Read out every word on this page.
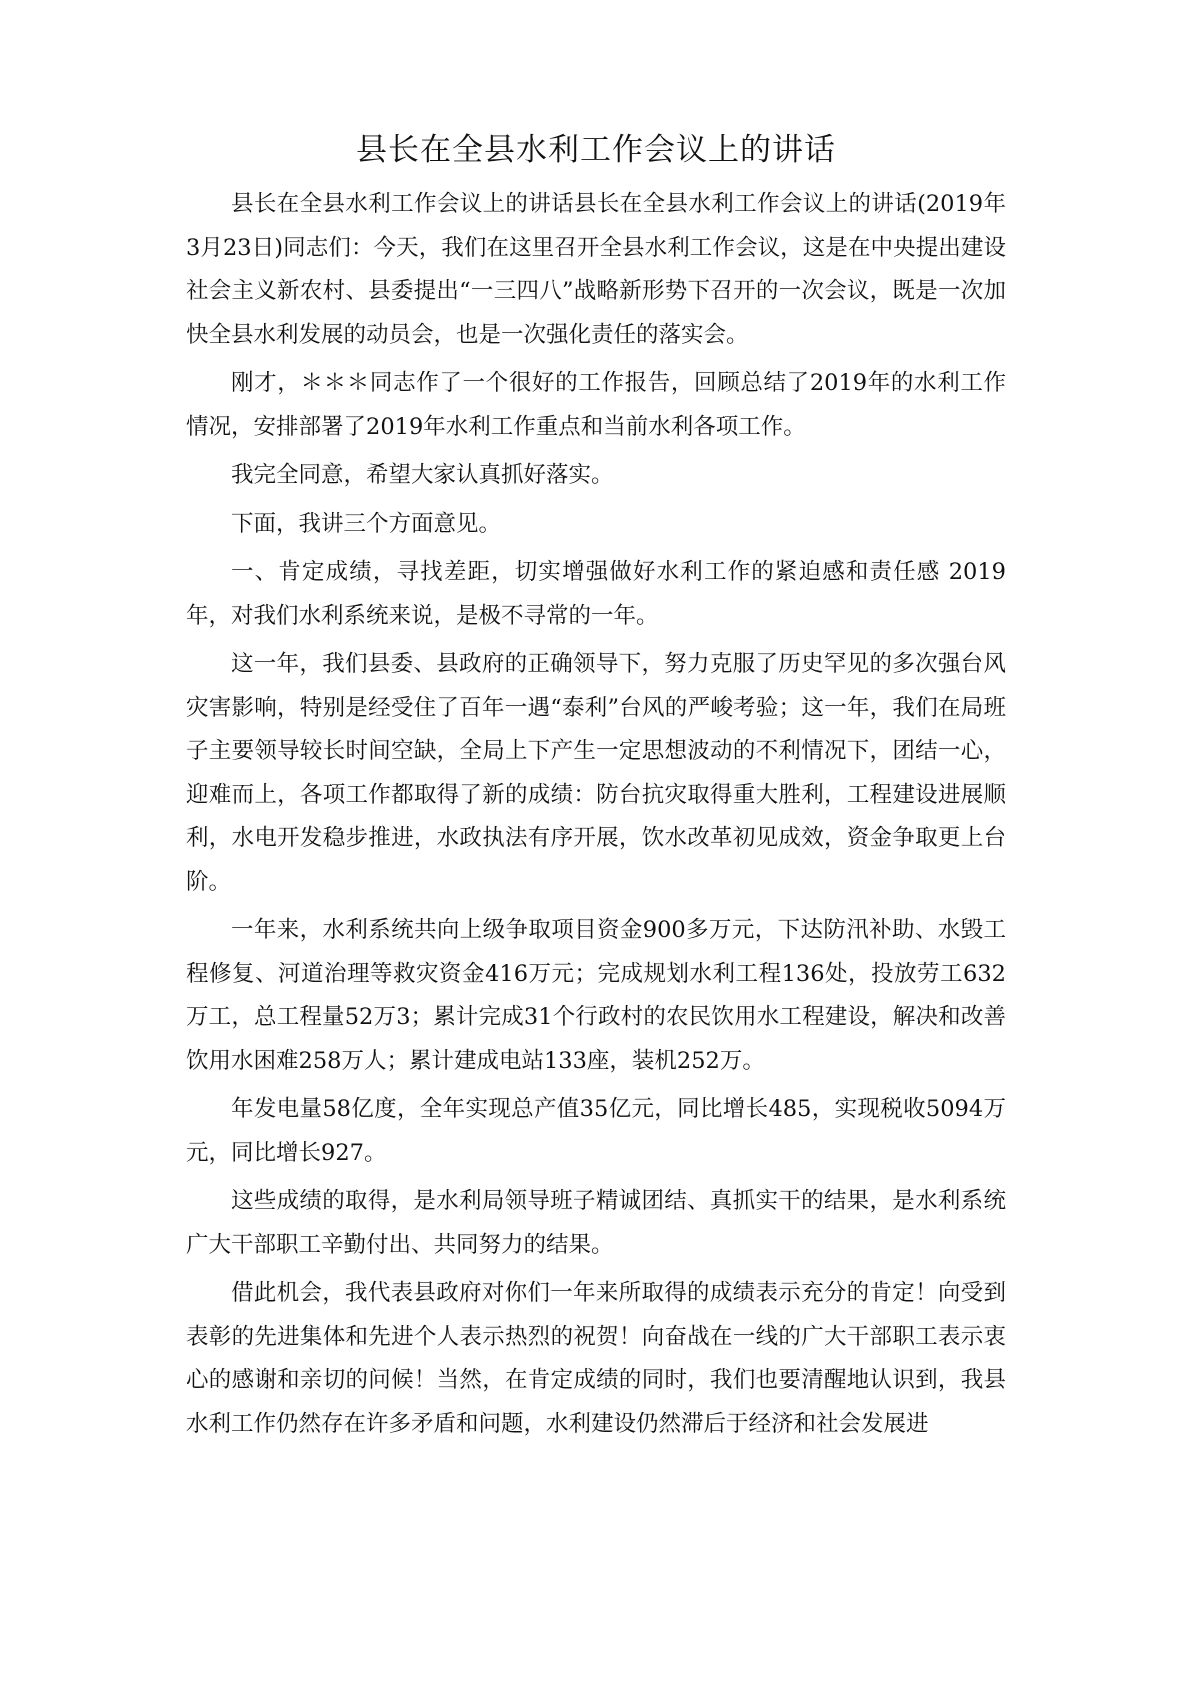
县长在全县水利工作会议上的讲话

县长在全县水利工作会议上的讲话县长在全县水利工作会议上的讲话(2019年3月23日)同志们：今天，我们在这里召开全县水利工作会议，这是在中央提出建设社会主义新农村、县委提出“一三四八”战略新形势下召开的一次会议，既是一次加快全县水利发展的动员会，也是一次强化责任的落实会。

刚才，＊＊＊同志作了一个很好的工作报告，回顾总结了2019年的水利工作情况，安排部署了2019年水利工作重点和当前水利各项工作。

我完全同意，希望大家认真抓好落实。

下面，我讲三个方面意见。

一、肯定成绩，寻找差距，切实增强做好水利工作的紧迫感和责任感 2019年，对我们水利系统来说，是极不寻常的一年。

这一年，我们县委、县政府的正确领导下，努力克服了历史罕见的多次强台风灾害影响，特别是经受住了百年一遇“泰利”台风的严峻考验；这一年，我们在局班子主要领导较长时间空缺，全局上下产生一定思想波动的不利情况下，团结一心，迎难而上，各项工作都取得了新的成绩：防台抗灾取得重大胜利，工程建设进展顺利，水电开发稳步推进，水政执法有序开展，饮水改革初见成效，资金争取更上台阶。

一年来，水利系统共向上级争取项目资金900多万元，下达防汛补助、水毁工程修复、河道治理等救灾资金416万元；完成规划水利工程136处，投放劳工632万工，总工程量52万3；累计完成31个行政村的农民饮用水工程建设，解决和改善饮用水困难258万人；累计建成电站133座，装机252万。

年发电量58亿度，全年实现总产值35亿元，同比增长485，实现税收5094万元，同比增长927。

这些成绩的取得，是水利局领导班子精诚团结、真抓实干的结果，是水利系统广大干部职工辛勤付出、共同努力的结果。

借此机会，我代表县政府对你们一年来所取得的成绩表示充分的肯定！向受到表彰的先进集体和先进个人表示热烈的祝贺！向奋战在一线的广大干部职工表示衷心的感谢和亲切的问候！当然，在肯定成绩的同时，我们也要清醒地认识到，我县水利工作仍然存在许多矛盾和问题，水利建设仍然滞后于经济和社会发展进
